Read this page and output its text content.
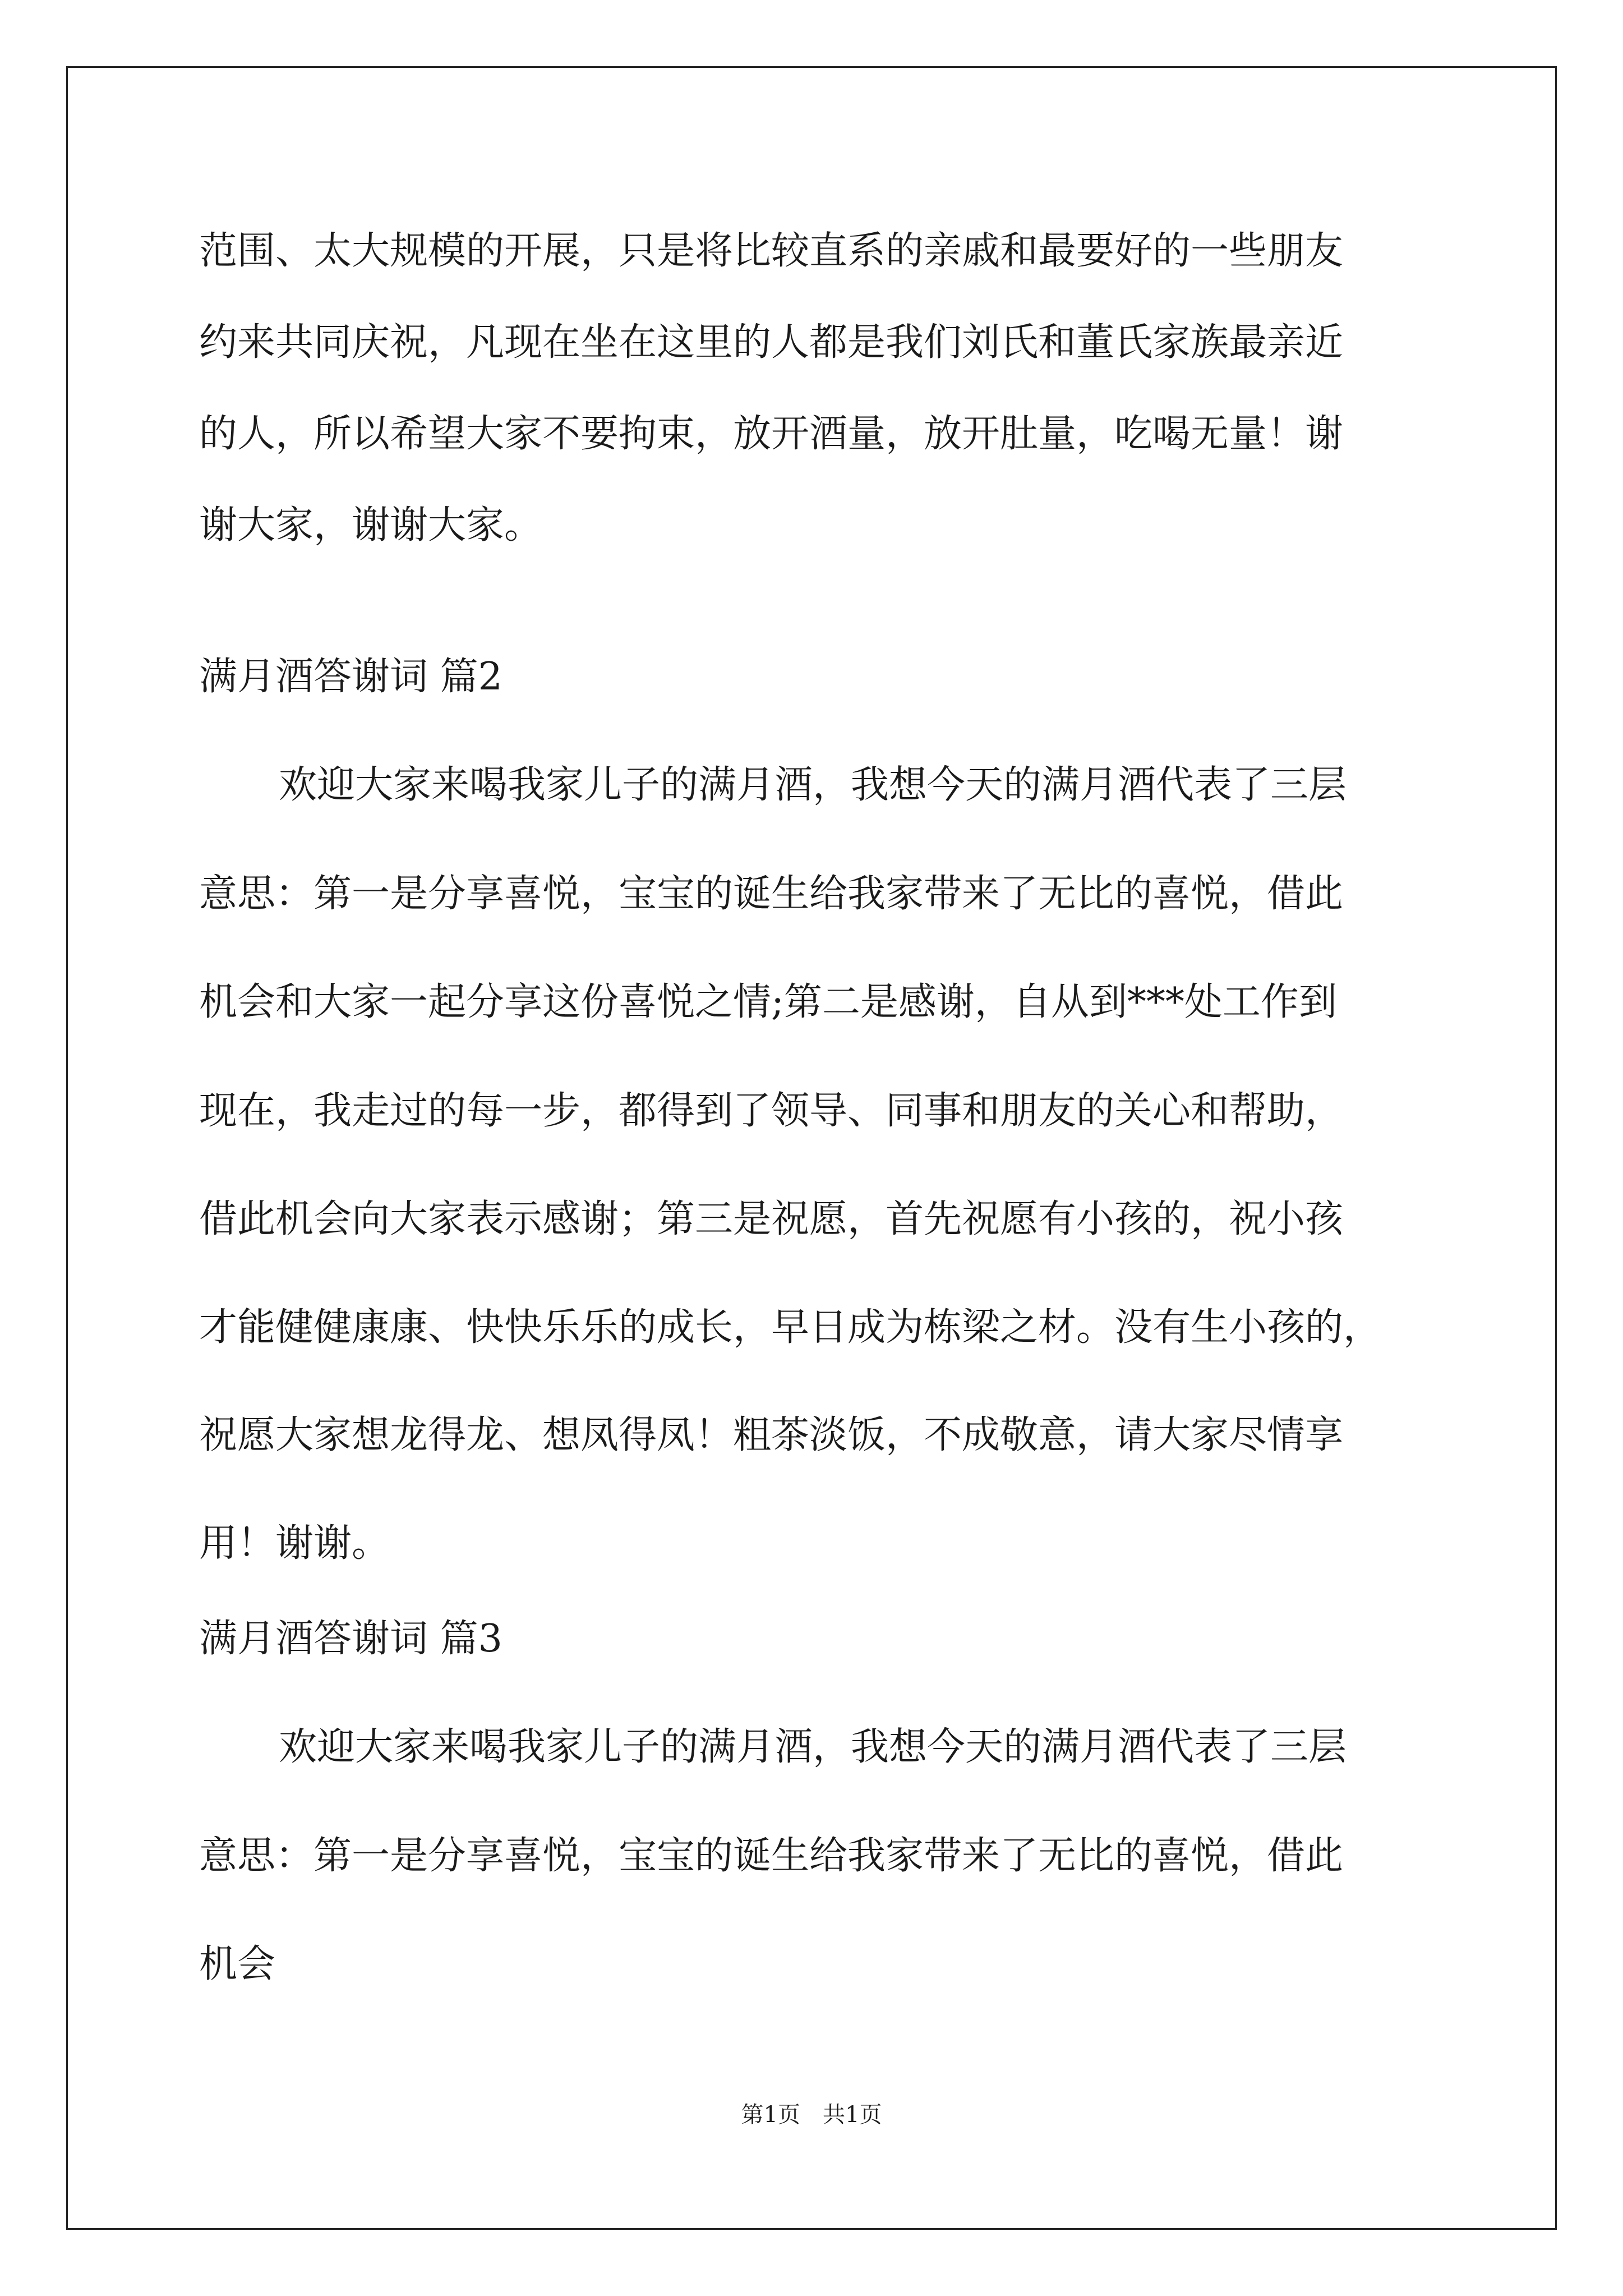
范围、太大规模的开展，只是将比较直系的亲戚和最要好的一些朋友

约来共同庆祝，凡现在坐在这里的人都是我们刘氏和董氏家族最亲近

的人，所以希望大家不要拘束，放开酒量，放开肚量，吃喝无量！谢

谢大家，谢谢大家。

满月酒答谢词 篇2

欢迎大家来喝我家儿子的满月酒，我想今天的满月酒代表了三层

意思：第一是分享喜悦，宝宝的诞生给我家带来了无比的喜悦，借此

机会和大家一起分享这份喜悦之情;第二是感谢，自从到***处工作到

现在，我走过的每一步，都得到了领导、同事和朋友的关心和帮助，

借此机会向大家表示感谢；第三是祝愿，首先祝愿有小孩的，祝小孩

才能健健康康、快快乐乐的成长，早日成为栋梁之材。没有生小孩的，

祝愿大家想龙得龙、想凤得凤！粗茶淡饭，不成敬意，请大家尽情享

用！谢谢。

满月酒答谢词 篇3

欢迎大家来喝我家儿子的满月酒，我想今天的满月酒代表了三层

意思：第一是分享喜悦，宝宝的诞生给我家带来了无比的喜悦，借此

机会

第1页　共1页
